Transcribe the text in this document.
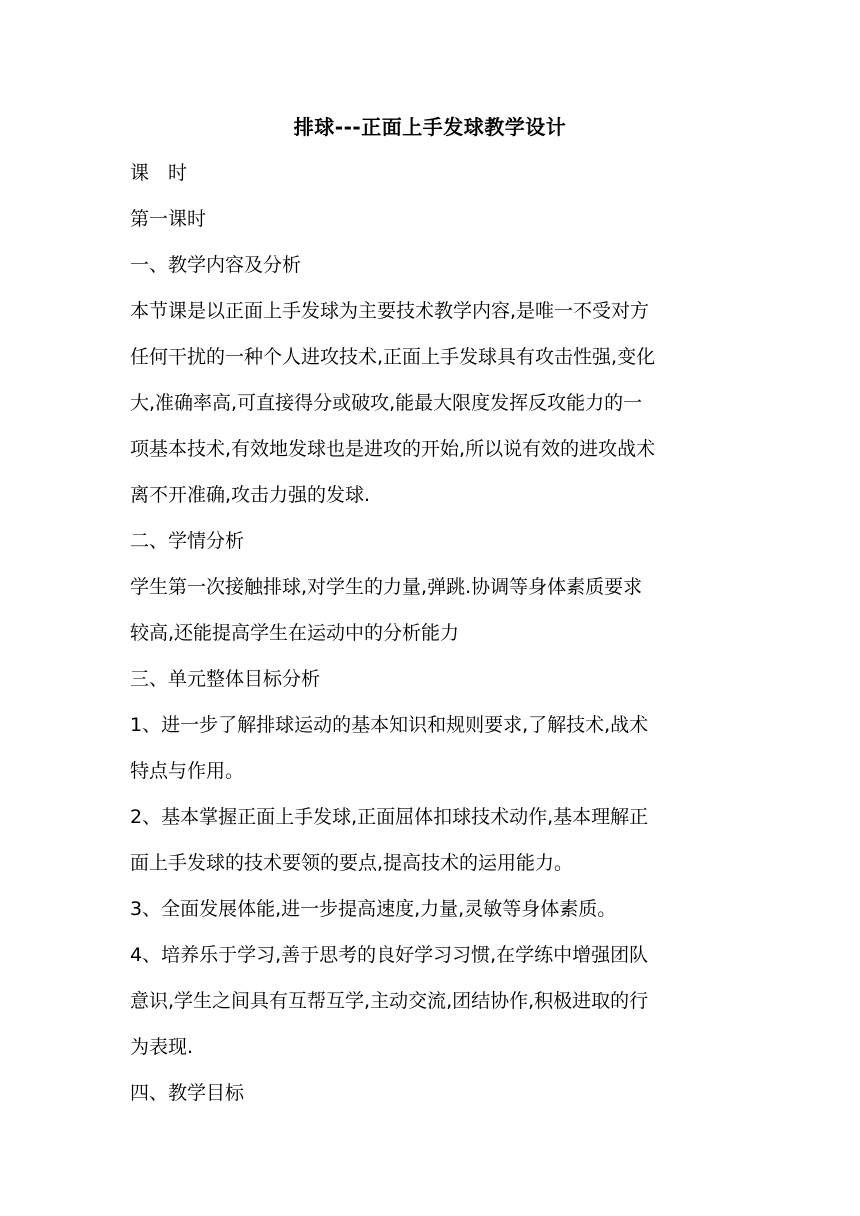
排球---正面上手发球教学设计

课　时

第一课时

一、教学内容及分析

本节课是以正面上手发球为主要技术教学内容,是唯一不受对方
任何干扰的一种个人进攻技术,正面上手发球具有攻击性强,变化
大,准确率高,可直接得分或破攻,能最大限度发挥反攻能力的一
项基本技术,有效地发球也是进攻的开始,所以说有效的进攻战术
离不开准确,攻击力强的发球.

二、学情分析

学生第一次接触排球,对学生的力量,弹跳.协调等身体素质要求
较高,还能提高学生在运动中的分析能力

三、单元整体目标分析

1、进一步了解排球运动的基本知识和规则要求,了解技术,战术
特点与作用。

2、基本掌握正面上手发球,正面屈体扣球技术动作,基本理解正
面上手发球的技术要领的要点,提高技术的运用能力。

3、全面发展体能,进一步提高速度,力量,灵敏等身体素质。

4、培养乐于学习,善于思考的良好学习习惯,在学练中增强团队
意识,学生之间具有互帮互学,主动交流,团结协作,积极进取的行
为表现.

四、教学目标
